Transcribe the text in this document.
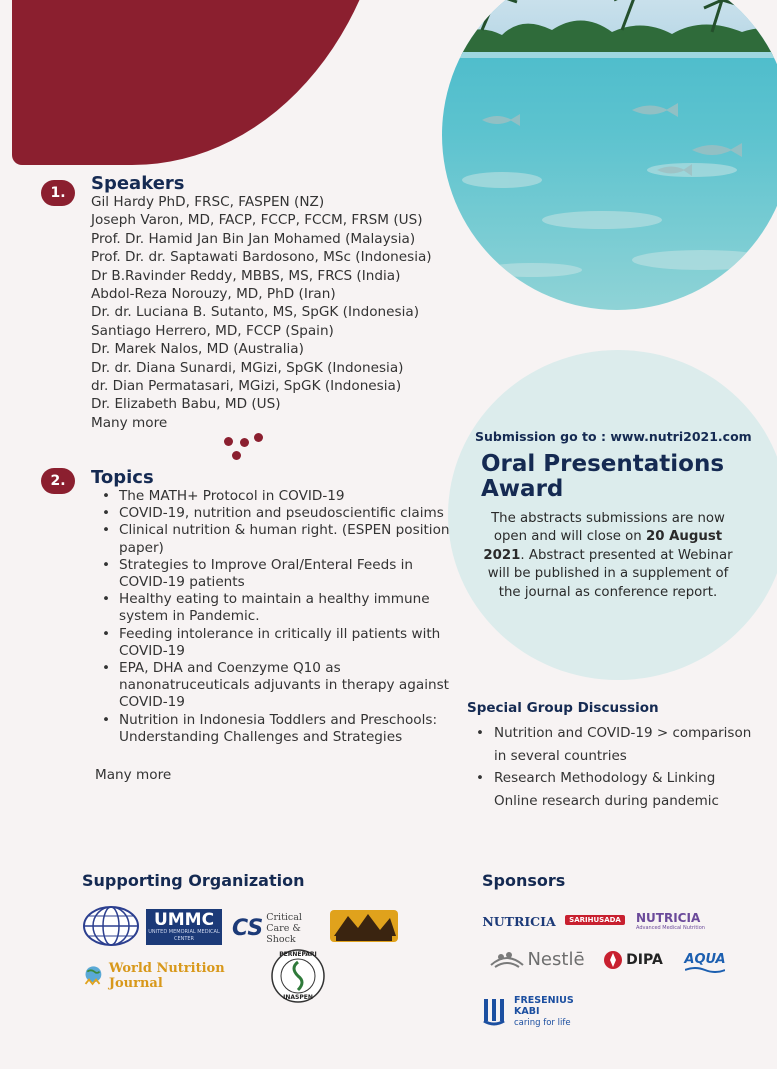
1.	Speakers
Gil Hardy PhD, FRSC, FASPEN (NZ)
Joseph Varon, MD, FACP, FCCP, FCCM, FRSM (US)
Prof. Dr. Hamid Jan Bin Jan Mohamed (Malaysia)
Prof. Dr. dr. Saptawati Bardosono, MSc (Indonesia)
Dr B.Ravinder Reddy, MBBS, MS, FRCS (India)
Abdol-Reza Norouzy, MD, PhD (Iran)
Dr. dr. Luciana B. Sutanto, MS, SpGK (Indonesia)
Santiago Herrero, MD, FCCP (Spain)
Dr. Marek Nalos, MD (Australia)
Dr. dr. Diana Sunardi, MGizi, SpGK (Indonesia)
dr. Dian Permatasari, MGizi, SpGK (Indonesia)
Dr. Elizabeth Babu, MD (US)
Many more
2.	Topics
• The MATH+ Protocol in COVID-19
• COVID-19, nutrition and pseudoscientific claims
• Clinical nutrition & human right. (ESPEN position paper)
• Strategies to Improve Oral/Enteral Feeds in COVID-19 patients
• Healthy eating to maintain a healthy immune system in Pandemic.
• Feeding intolerance in critically ill patients with COVID-19
• EPA, DHA and Coenzyme Q10 as nanonatruceuticals adjuvants in therapy against COVID-19
• Nutrition in Indonesia Toddlers and Preschools: Understanding Challenges and Strategies
Many more
Submission go to : www.nutri2021.com
Oral Presentations Award
The abstracts submissions are now open and will close on 20 August 2021. Abstract presented at Webinar will be published in a supplement of the journal as conference report.
Special Group Discussion
• Nutrition and COVID-19 > comparison in several countries
• Research Methodology & Linking Online research during pandemic
Supporting Organization
UMMC
UNITED MEMORIAL MEDICAL CENTER	CS Critical
Care & Shock
World Nutrition Journal
PERNEPARI
INASPEN
Sponsors
NUTRICIA	SARIHUSADA	NUTRICIA
Advanced Medical Nutrition
Nestlē	DIPA AQUA
FRESENIUS
KABI
caring for life
